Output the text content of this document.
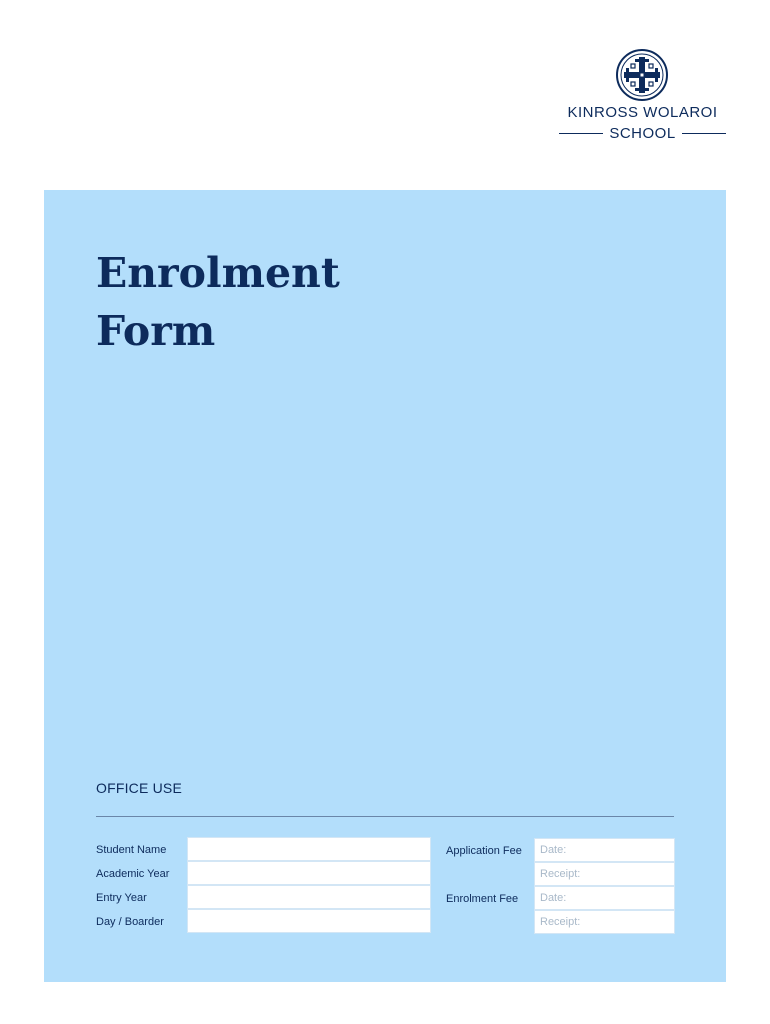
KINROSS WOLAROI
SCHOOL
Enrolment
Form
OFFICE USE
Student Name
Academic Year
Entry Year
Day / Boarder
Application Fee
Enrolment Fee
Date:
Receipt:
Date:
Receipt:
